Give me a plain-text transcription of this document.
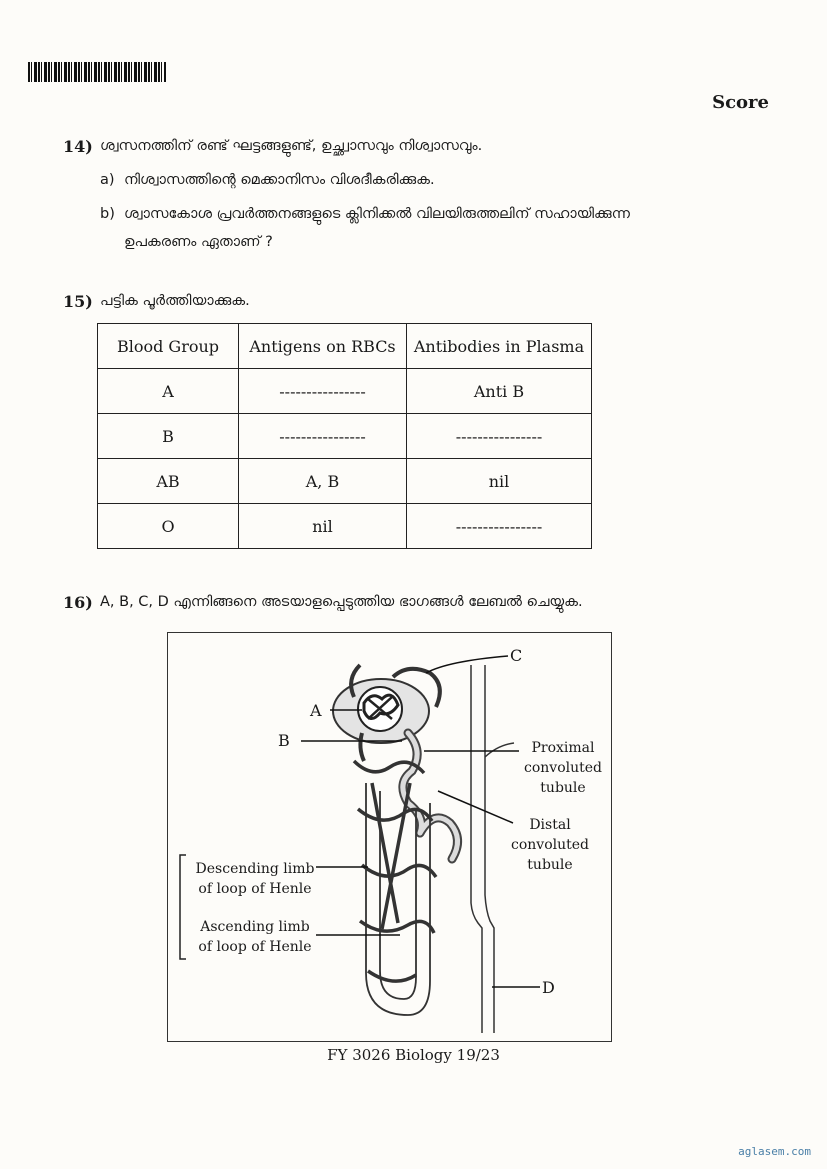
Score
14) ശ്വസനത്തിന് രണ്ട് ഘട്ടങ്ങളുണ്ട്, ഉച്ഛ്വാസവും നിശ്വാസവും.
a) നിശ്വാസത്തിന്റെ മെക്കാനിസം വിശദീകരിക്കുക.
b) ശ്വാസകോശ പ്രവർത്തനങ്ങളുടെ ക്ലിനിക്കൽ വിലയിരുത്തലിന് സഹായിക്കുന്ന
ഉപകരണം ഏതാണ് ?
15) പട്ടിക പൂർത്തിയാക്കുക.
Blood Group	Antigens on RBCs	Antibodies in Plasma
A	----------------	Anti B
B	----------------	----------------
AB	A, B	nil
O	nil	----------------
16) A, B, C, D എന്നിങ്ങനെ അടയാളപ്പെടുത്തിയ ഭാഗങ്ങൾ ലേബൽ ചെയ്യുക.
C
A
B
D
Proximal
convoluted
tubule
Distal
convoluted
tubule
Descending limb
of loop of Henle
Ascending limb
of loop of Henle
FY 3026 Biology 19/23
aglasem.com
